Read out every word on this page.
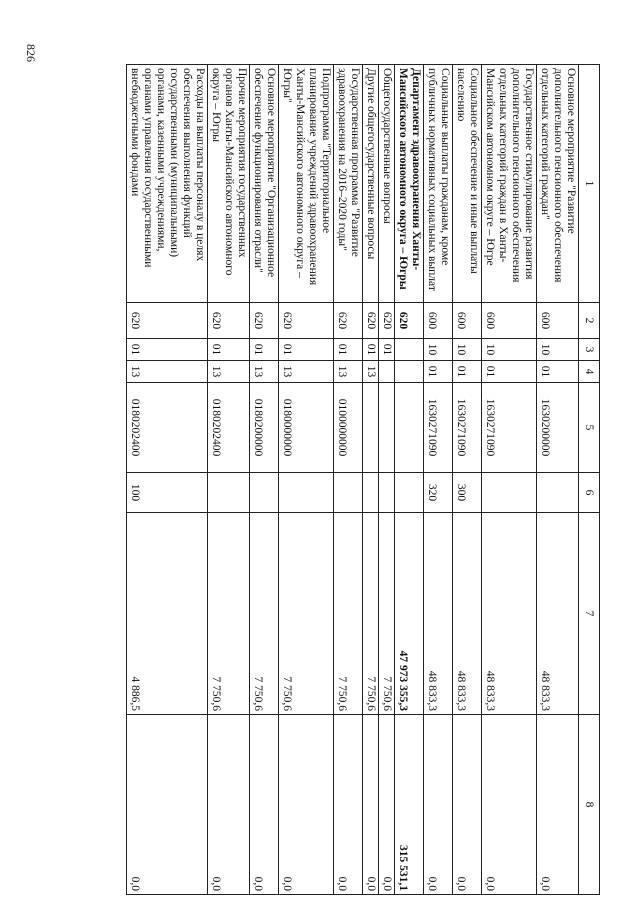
826
1	2	3	4	5	6	7	8
Основное мероприятие "Развитие дополнительного пенсионного обеспечения отдельных категорий граждан"	600	10	01	1630200000		48 833,3	0,0
Государственное стимулирование развития дополнительного пенсионного обеспечения отдельных категорий граждан в Ханты-Мансийском автономном округе – Югре	600	10	01	1630271090		48 833,3	0,0
Социальное обеспечение и иные выплаты населению	600	10	01	1630271090	300	48 833,3	0,0
Социальные выплаты гражданам, кроме публичных нормативных социальных выплат	600	10	01	1630271090	320	48 833,3	0,0
Департамент здравоохранения Ханты-Мансийского автономного округа – Югры	620					47 973 355,3	315 531,1
Общегосударственные вопросы	620	01				7 750,6	0,0
Другие общегосударственные вопросы	620	01	13			7 750,6	0,0
Государственная программа "Развитие здравоохранения на 2016–2020 годы"	620	01	13	0100000000		7 750,6	0,0
Подпрограмма "Территориальное планирование учреждений здравоохранения Ханты-Мансийского автономного округа – Югры"	620	01	13	0180000000		7 750,6	0,0
Основное мероприятие "Организационное обеспечение функционирования отрасли"	620	01	13	0180200000		7 750,6	0,0
Прочие мероприятия государственных органов Ханты-Мансийского автономного округа – Югры	620	01	13	0180202400		7 750,6	0,0
Расходы на выплаты персоналу в целях обеспечения выполнения функций государственными (муниципальными) органами, казенными учреждениями, органами управления государственными внебюджетными фондами	620	01	13	0180202400	100	4 886,5	0,0
